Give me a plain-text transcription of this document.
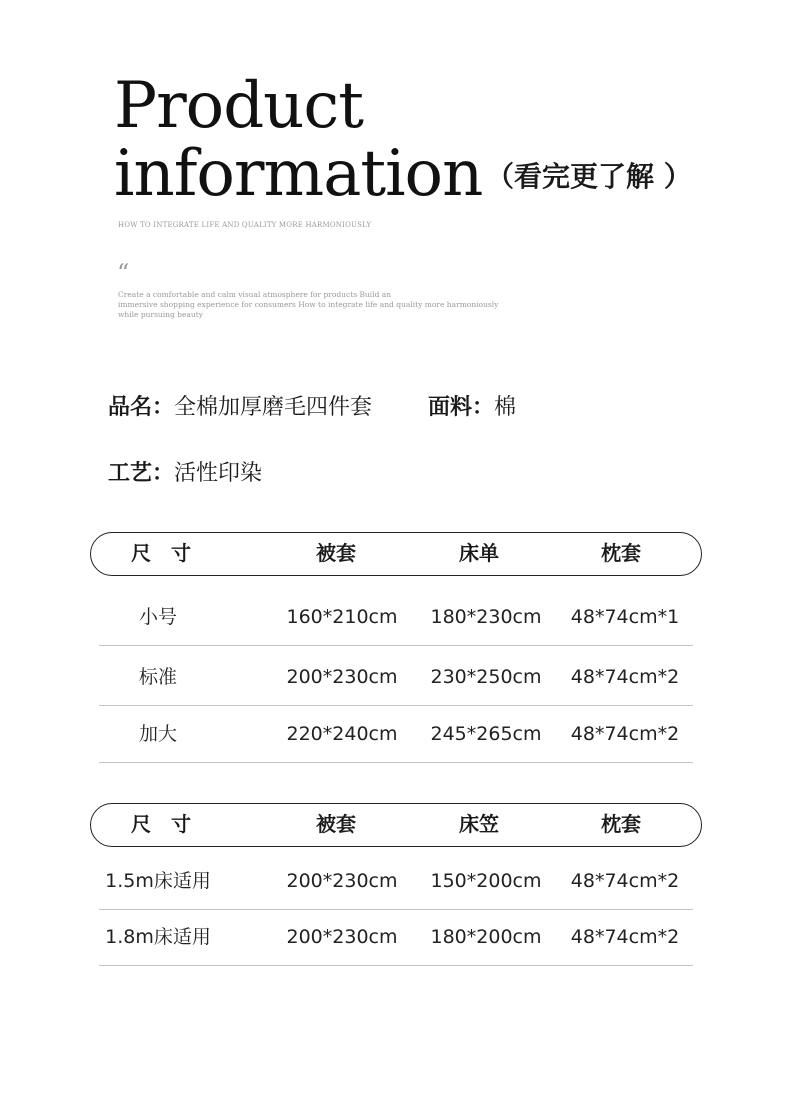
Product
information （看完更了解 ）
HOW TO INTEGRATE LIFE AND QUALITY MORE HARMONIOUSLY
“
Create a comfortable and calm visual atmosphere for products Build an
immersive shopping experience for consumers How to integrate life and quality more harmoniously
while pursuing beauty
品名：全棉加厚磨毛四件套	面料：棉
工艺：活性印染
尺　寸	被套	床单	枕套
小号	160*210cm	180*230cm	48*74cm*1
标准	200*230cm	230*250cm	48*74cm*2
加大	220*240cm	245*265cm	48*74cm*2
尺　寸	被套	床笠	枕套
1.5m床适用	200*230cm	150*200cm	48*74cm*2
1.8m床适用	200*230cm	180*200cm	48*74cm*2
